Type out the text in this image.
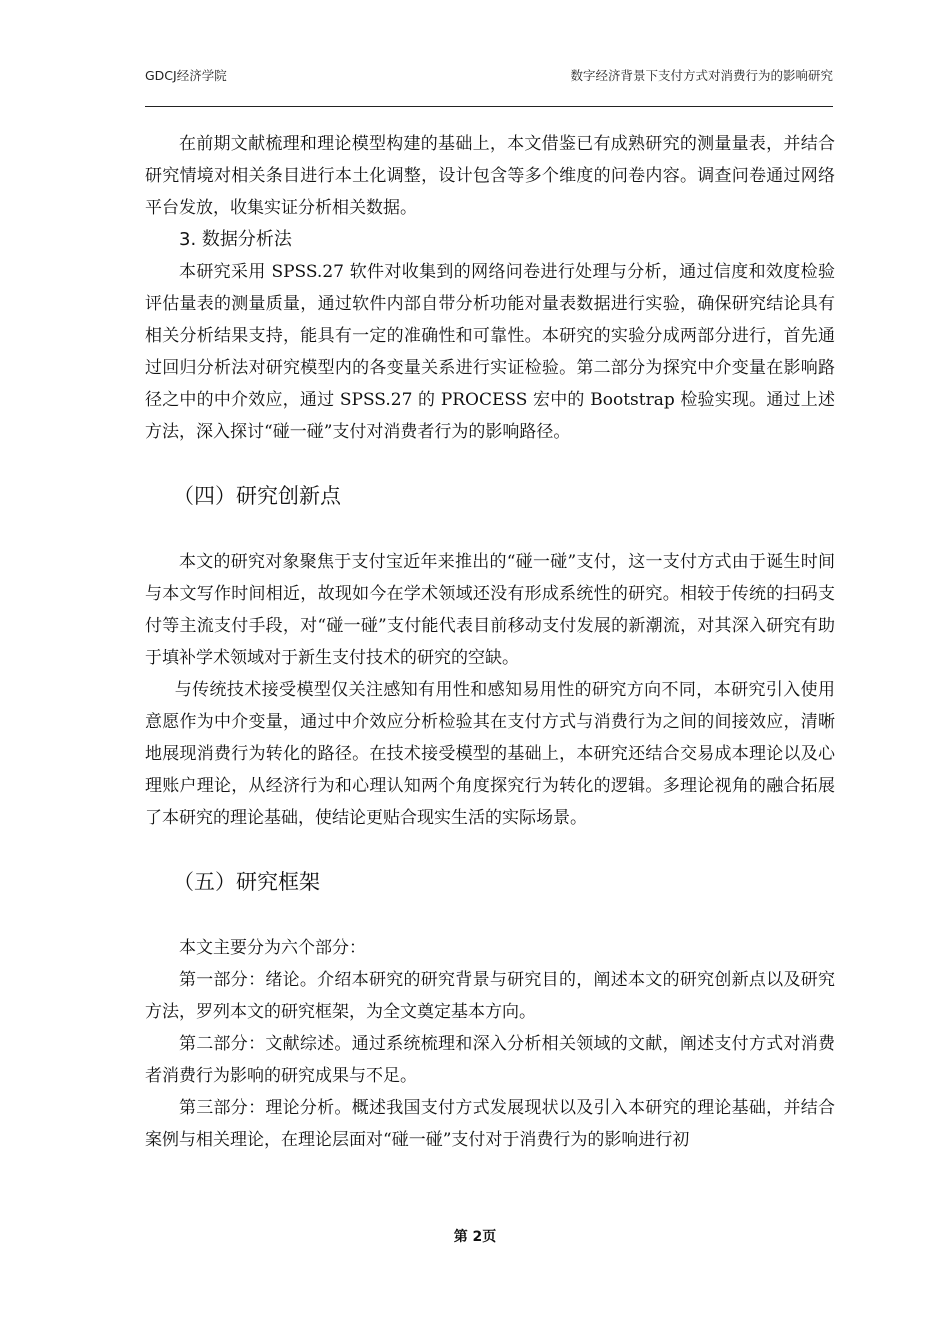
GDCJ经济学院	数字经济背景下支付方式对消费行为的影响研究

在前期文献梳理和理论模型构建的基础上，本文借鉴已有成熟研究的测量量表，并结合研究情境对相关条目进行本土化调整，设计包含等多个维度的问卷内容。调查问卷通过网络平台发放，收集实证分析相关数据。

3. 数据分析法

本研究采用 SPSS.27 软件对收集到的网络问卷进行处理与分析，通过信度和效度检验评估量表的测量质量，通过软件内部自带分析功能对量表数据进行实验，确保研究结论具有相关分析结果支持，能具有一定的准确性和可靠性。本研究的实验分成两部分进行，首先通过回归分析法对研究模型内的各变量关系进行实证检验。第二部分为探究中介变量在影响路径之中的中介效应，通过 SPSS.27 的 PROCESS 宏中的 Bootstrap 检验实现。通过上述方法，深入探讨“碰一碰”支付对消费者行为的影响路径。

（四）研究创新点

本文的研究对象聚焦于支付宝近年来推出的“碰一碰”支付，这一支付方式由于诞生时间与本文写作时间相近，故现如今在学术领域还没有形成系统性的研究。相较于传统的扫码支付等主流支付手段，对“碰一碰”支付能代表目前移动支付发展的新潮流，对其深入研究有助于填补学术领域对于新生支付技术的研究的空缺。

与传统技术接受模型仅关注感知有用性和感知易用性的研究方向不同，本研究引入使用意愿作为中介变量，通过中介效应分析检验其在支付方式与消费行为之间的间接效应，清晰地展现消费行为转化的路径。在技术接受模型的基础上，本研究还结合交易成本理论以及心理账户理论，从经济行为和心理认知两个角度探究行为转化的逻辑。多理论视角的融合拓展了本研究的理论基础，使结论更贴合现实生活的实际场景。

（五）研究框架

本文主要分为六个部分：

第一部分：绪论。介绍本研究的研究背景与研究目的，阐述本文的研究创新点以及研究方法，罗列本文的研究框架，为全文奠定基本方向。

第二部分：文献综述。通过系统梳理和深入分析相关领域的文献，阐述支付方式对消费者消费行为影响的研究成果与不足。

第三部分：理论分析。概述我国支付方式发展现状以及引入本研究的理论基础，并结合案例与相关理论，在理论层面对“碰一碰”支付对于消费行为的影响进行初

第 2页
